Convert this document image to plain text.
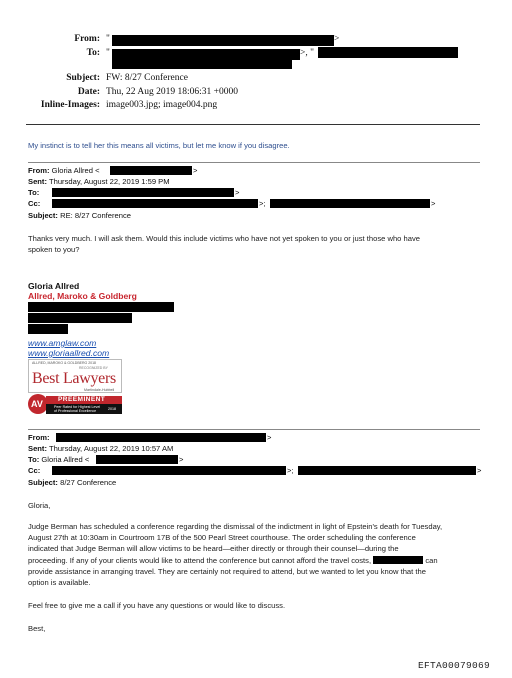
From: "	>
To: "	>, "
Subject: FW: 8/27 Conference
Date: Thu, 22 Aug 2019 18:06:31 +0000
Inline-Images: image003.jpg; image004.png
My instinct is to tell her this means all victims, but let me know if you disagree.
From: Gloria Allred <	>
Sent: Thursday, August 22, 2019 1:59 PM
To:	>
Cc:	>;	>
Subject: RE: 8/27 Conference
Thanks very much. I will ask them. Would this include victims who have not yet spoken to you or just those who have
spoken to you?
Gloria Allred
Allred, Maroko & Goldberg
www.amglaw.com
www.gloriaallred.com
ALLRED, MAROKO & GOLDBERG 2018
RECOGNIZED BY
Best Lawyers
AV PREEMINENT
Martindale-Hubbell
Peer Rated for Highest Level
of Professional Excellence	2018
From:	>
Sent: Thursday, August 22, 2019 10:57 AM
To: Gloria Allred <	>
Cc:	>;	>
Subject: 8/27 Conference
Gloria,
Judge Berman has scheduled a conference regarding the dismissal of the indictment in light of Epstein's death for Tuesday,
August 27th at 10:30am in Courtroom 17B of the 500 Pearl Street courthouse. The order scheduling the conference
indicated that Judge Berman will allow victims to be heard—either directly or through their counsel—during the
proceeding. If any of your clients would like to attend the conference but cannot afford the travel costs,	can
provide assistance in arranging travel. They are certainly not required to attend, but we wanted to let you know that the
option is available.
Feel free to give me a call if you have any questions or would like to discuss.
Best,
EFTA00079069
